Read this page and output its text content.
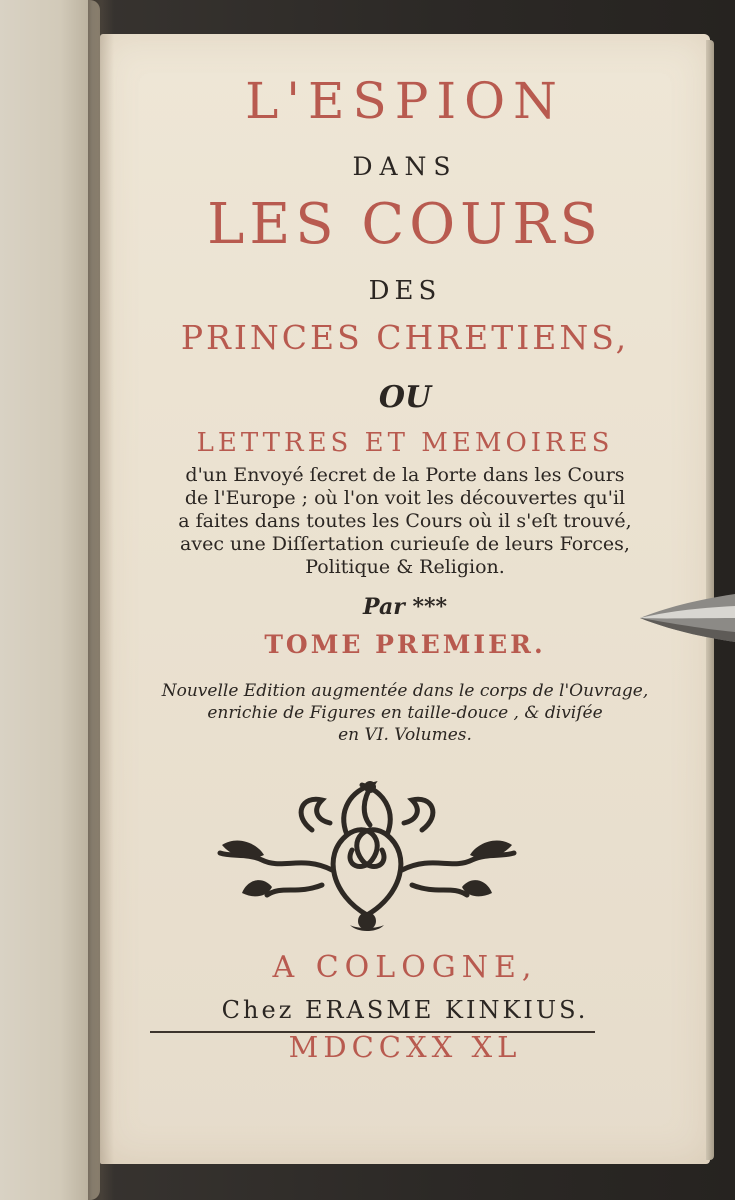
L'ESPION

DANS

LES COURS

DES

PRINCES CHRETIENS,

OU

LETTRES ET MEMOIRES

d'un Envoyé ſecret de la Porte dans les Cours
de l'Europe ; où l'on voit les découvertes qu'il
a faites dans toutes les Cours où il s'eſt trouvé,
avec une Diſſertation curieuſe de leurs Forces,
Politique & Religion.

Par ***

TOME PREMIER.

Nouvelle Edition augmentée dans le corps de l'Ouvrage,
enrichie de Figures en taille-douce , & diviſée
en VI. Volumes.

A COLOGNE,

Chez ERASME KINKIUS.

MDCCXX XL
